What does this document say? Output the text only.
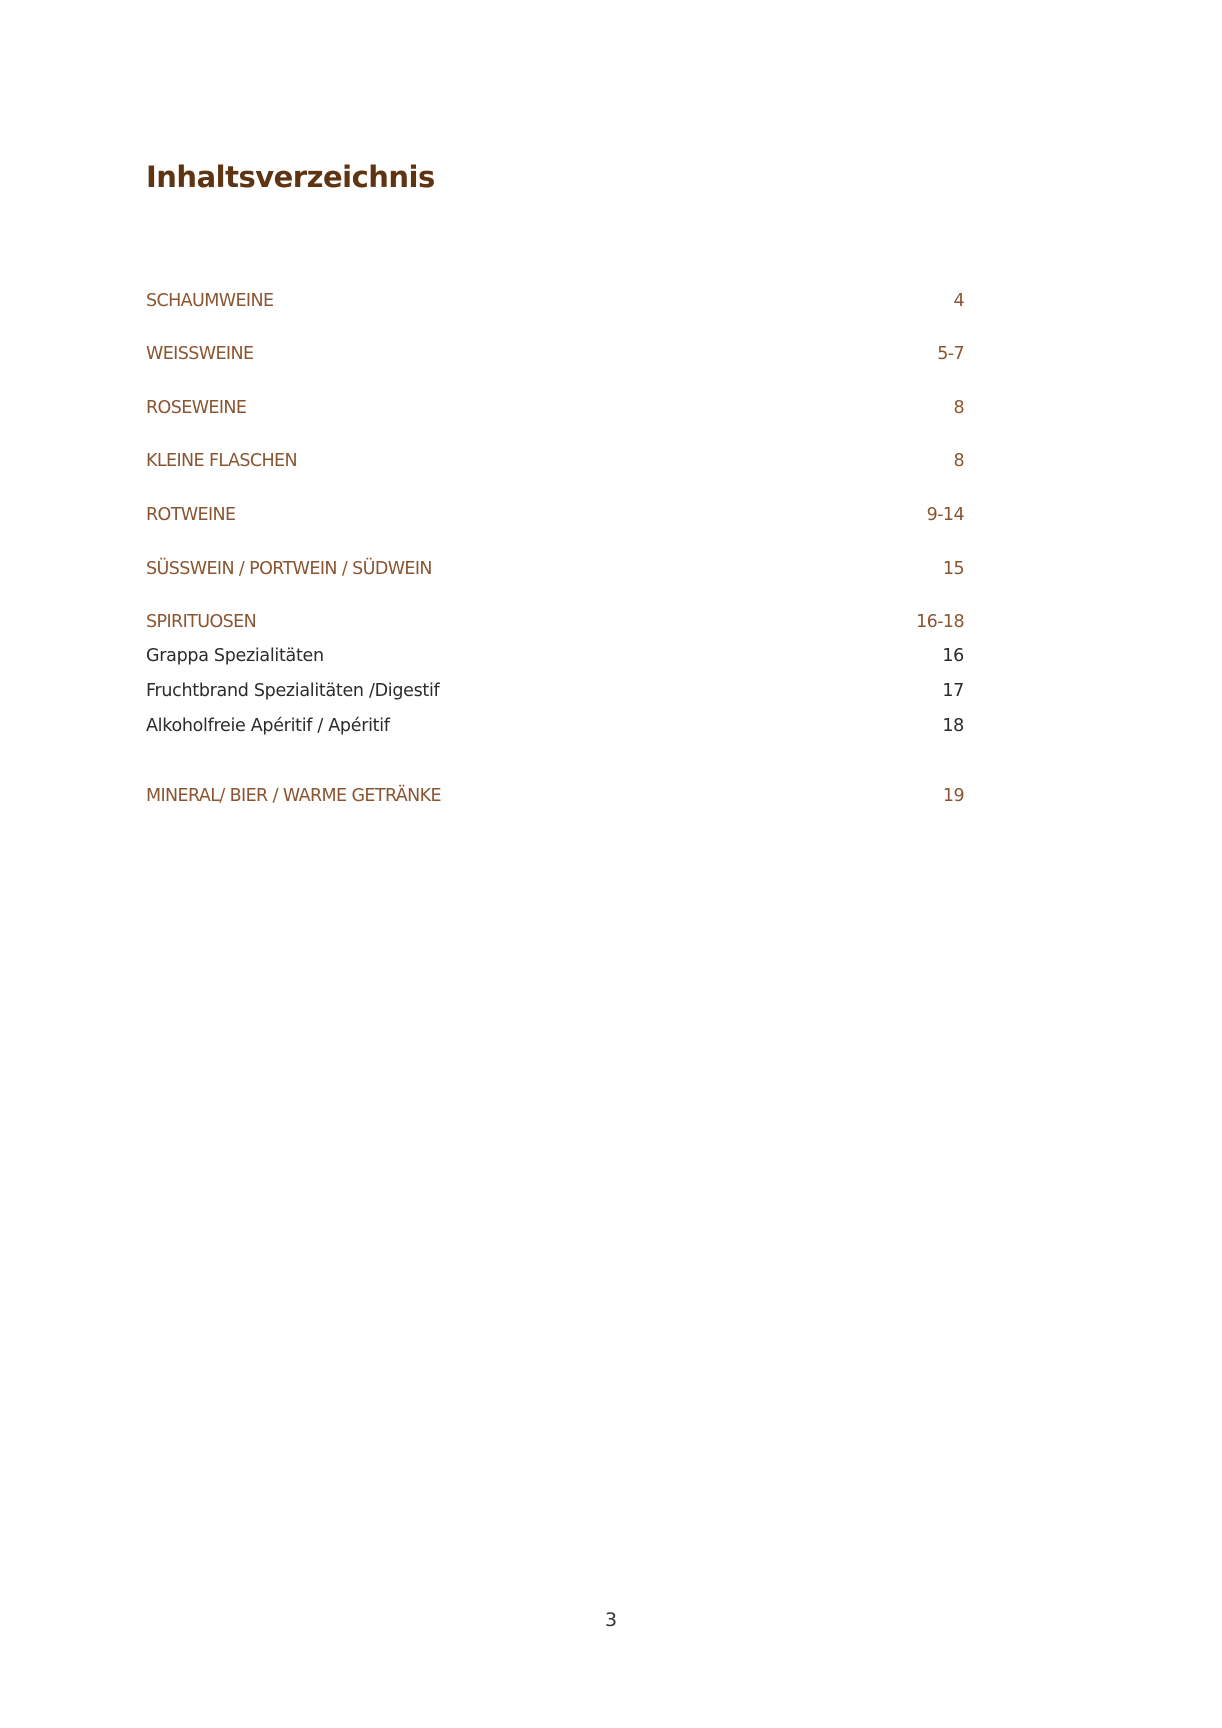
Inhaltsverzeichnis
SCHAUMWEINE	4
WEISSWEINE	5-7
ROSEWEINE	8
KLEINE FLASCHEN	8
ROTWEINE	9-14
SÜSSWEIN / PORTWEIN / SÜDWEIN	15
SPIRITUOSEN	16-18
Grappa Spezialitäten	16
Fruchtbrand Spezialitäten /Digestif	17
Alkoholfreie Apéritif / Apéritif	18
MINERAL/ BIER / WARME GETRÄNKE	19
3
